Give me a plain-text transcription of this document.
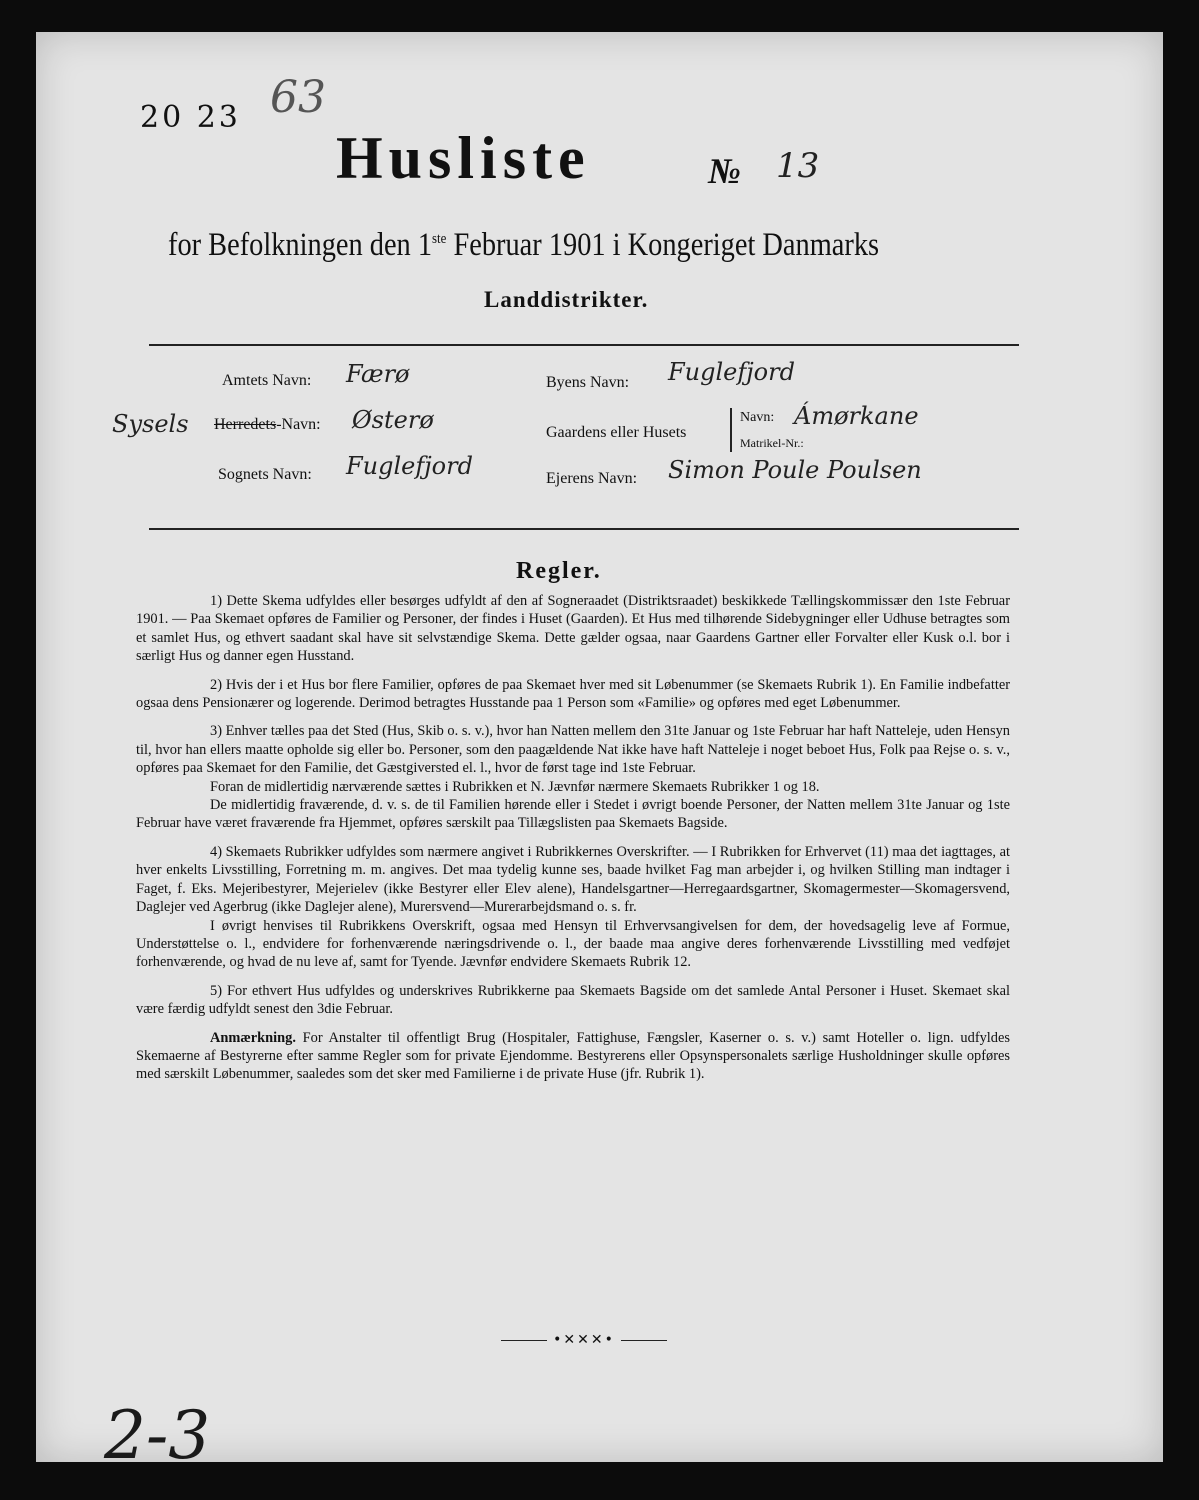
20 23 63
Husliste	№ 13
for Befolkningen den 1ste Februar 1901 i Kongeriget Danmarks
Landdistrikter.
Amtets Navn: Færø
Sysels Herredets-Navn: Østerø
Sognets Navn: Fuglefjord
Byens Navn: Fuglefjord
Gaardens eller Husets
Navn: Ámørkane
Matrikel-Nr.:
Ejerens Navn: Simon Poule Poulsen
Regler.

1) Dette Skema udfyldes eller besørges udfyldt af den af Sogneraadet (Distriktsraadet) beskikkede Tællingskommissær den 1ste Februar 1901. — Paa Skemaet opføres de Familier og Personer, der findes i Huset (Gaarden). Et Hus med tilhørende Sidebygninger eller Udhuse betragtes som et samlet Hus, og ethvert saadant skal have sit selvstændige Skema. Dette gælder ogsaa, naar Gaardens Gartner eller Forvalter eller Kusk o.l. bor i særligt Hus og danner egen Husstand.

2) Hvis der i et Hus bor flere Familier, opføres de paa Skemaet hver med sit Løbenummer (se Skemaets Rubrik 1). En Familie indbefatter ogsaa dens Pensionærer og logerende. Derimod betragtes Husstande paa 1 Person som «Familie» og opføres med eget Løbenummer.

3) Enhver tælles paa det Sted (Hus, Skib o. s. v.), hvor han Natten mellem den 31te Januar og 1ste Februar har haft Natteleje, uden Hensyn til, hvor han ellers maatte opholde sig eller bo. Personer, som den paagældende Nat ikke have haft Natteleje i noget beboet Hus, Folk paa Rejse o. s. v., opføres paa Skemaet for den Familie, det Gæstgiversted el. l., hvor de først tage ind 1ste Februar.

Foran de midlertidig nærværende sættes i Rubrikken et N. Jævnfør nærmere Skemaets Rubrikker 1 og 18.

De midlertidig fraværende, d. v. s. de til Familien hørende eller i Stedet i øvrigt boende Personer, der Natten mellem 31te Januar og 1ste Februar have været fraværende fra Hjemmet, opføres særskilt paa Tillægslisten paa Skemaets Bagside.

4) Skemaets Rubrikker udfyldes som nærmere angivet i Rubrikkernes Overskrifter. — I Rubrikken for Erhvervet (11) maa det iagttages, at hver enkelts Livsstilling, Forretning m. m. angives. Det maa tydelig kunne ses, baade hvilket Fag man arbejder i, og hvilken Stilling man indtager i Faget, f. Eks. Mejeribestyrer, Mejerielev (ikke Bestyrer eller Elev alene), Handelsgartner—Herregaardsgartner, Skomagermester—Skomagersvend, Daglejer ved Agerbrug (ikke Daglejer alene), Murersvend—Murerarbejdsmand o. s. fr.

I øvrigt henvises til Rubrikkens Overskrift, ogsaa med Hensyn til Erhvervsangivelsen for dem, der hovedsagelig leve af Formue, Understøttelse o. l., endvidere for forhenværende næringsdrivende o. l., der baade maa angive deres forhenværende Livsstilling med vedføjet forhenværende, og hvad de nu leve af, samt for Tyende. Jævnfør endvidere Skemaets Rubrik 12.

5) For ethvert Hus udfyldes og underskrives Rubrikkerne paa Skemaets Bagside om det samlede Antal Personer i Huset. Skemaet skal være færdig udfyldt senest den 3die Februar.

Anmærkning. For Anstalter til offentligt Brug (Hospitaler, Fattighuse, Fængsler, Kaserner o. s. v.) samt Hoteller o. lign. udfyldes Skemaerne af Bestyrerne efter samme Regler som for private Ejendomme. Bestyrerens eller Opsynspersonalets særlige Husholdninger skulle opføres med særskilt Løbenummer, saaledes som det sker med Familierne i de private Huse (jfr. Rubrik 1).

•✕✕✕•
2-3
